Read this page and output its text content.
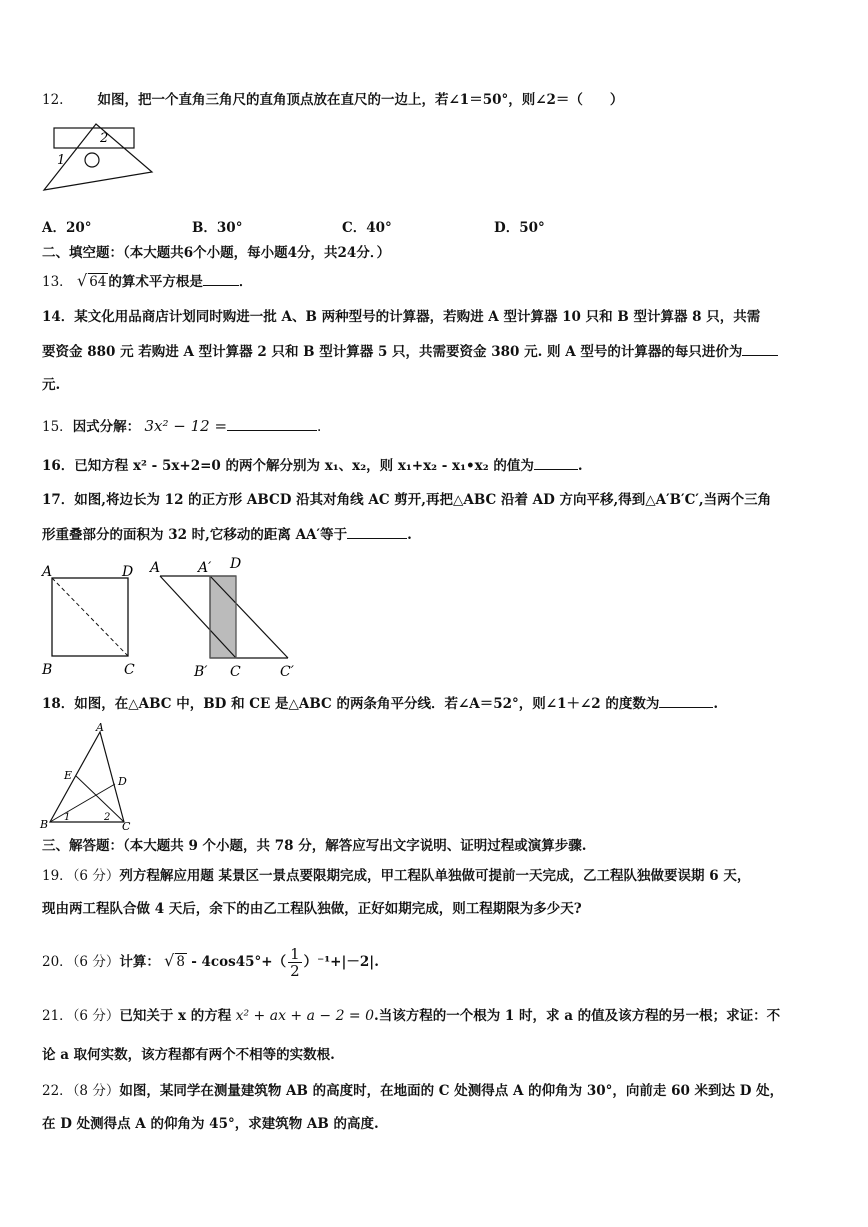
12.	如图，把一个直角三角尺的直角顶点放在直尺的一边上，若∠1＝50°，则∠2＝（　　）
2
1
A．20°	B．30°	C．40°	D．50°
二、填空题：（本大题共6个小题，每小题4分，共24分．）
13． √ 64 的算术平方根是	．
14．某文化用品商店计划同时购进一批 A、B 两种型号的计算器，若购进 A 型计算器 10 只和 B 型计算器 8 只，共需
要资金 880 元 若购进 A 型计算器 2 只和 B 型计算器 5 只，共需要资金 380 元. 则 A 型号的计算器的每只进价为
元.
15．因式分解： 3x² − 12 =	.
16．已知方程 x² - 5x+2=0 的两个解分别为 x₁、x₂，则 x₁+x₂ - x₁•x₂ 的值为	.
17．如图,将边长为 12 的正方形 ABCD 沿其对角线 AC 剪开,再把△ABC 沿着 AD 方向平移,得到△A′B′C′,当两个三角
形重叠部分的面积为 32 时,它移动的距离 AA′等于	.
A	D
B	C
A	A′ D
B′ C	C′
18．如图，在△ABC 中，BD 和 CE 是△ABC 的两条角平分线．若∠A＝52°，则∠1＋∠2 的度数为	.
A
E	D
B	C
1	2
三、解答题：（本大题共 9 个小题，共 78 分，解答应写出文字说明、证明过程或演算步骤.
19．（6 分）列方程解应用题 某景区一景点要限期完成，甲工程队单独做可提前一天完成，乙工程队独做要误期 6 天，
现由两工程队合做 4 天后，余下的由乙工程队独做，正好如期完成，则工程期限为多少天?
20．（6 分）计算： √ $8 - 4\cos 45^\circ+( \frac{1}{2} )^{-1}+|-2|$.
21．（6 分）已知关于 x 的方程 x² + ax + a − 2 = 0.当该方程的一个根为 1 时，求 a 的值及该方程的另一根；求证：不
论 a 取何实数，该方程都有两个不相等的实数根.
22．（8 分）如图，某同学在测量建筑物 AB 的高度时，在地面的 C 处测得点 A 的仰角为 30°，向前走 60 米到达 D 处，
在 D 处测得点 A 的仰角为 45°，求建筑物 AB 的高度.
